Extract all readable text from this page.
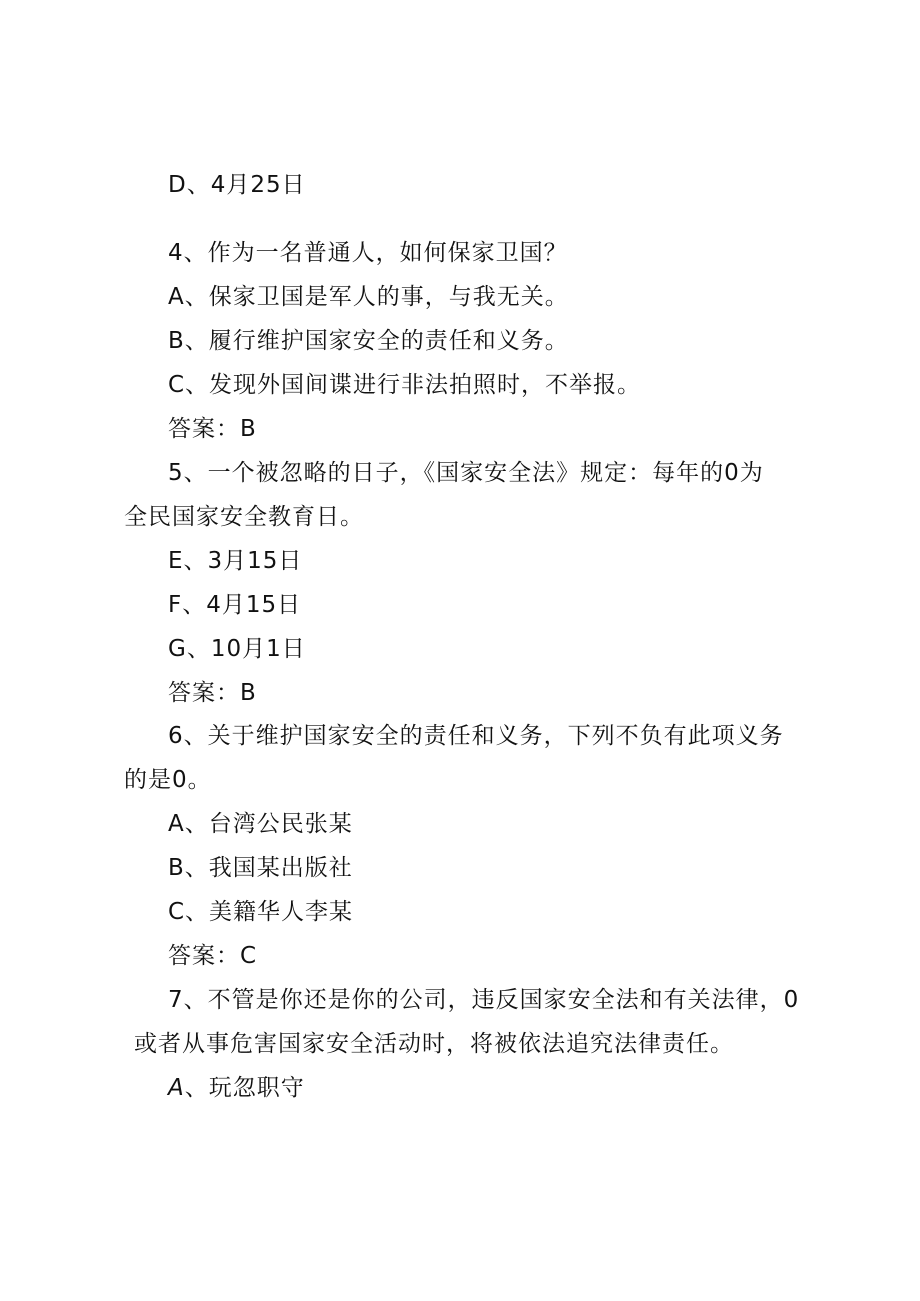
D、4月25日
4、作为一名普通人，如何保家卫国？
A、保家卫国是军人的事，与我无关。
B、履行维护国家安全的责任和义务。
C、发现外国间谍进行非法拍照时，不举报。
答案：B
5、一个被忽略的日子，《国家安全法》规定：每年的0为
全民国家安全教育日。
E、3月15日
F、4月15日
G、10月1日
答案：B
6、关于维护国家安全的责任和义务，下列不负有此项义务
的是0。
A、台湾公民张某
B、我国某出版社
C、美籍华人李某
答案：C
7、不管是你还是你的公司，违反国家安全法和有关法律，0
或者从事危害国家安全活动时，将被依法追究法律责任。
A、玩忽职守
